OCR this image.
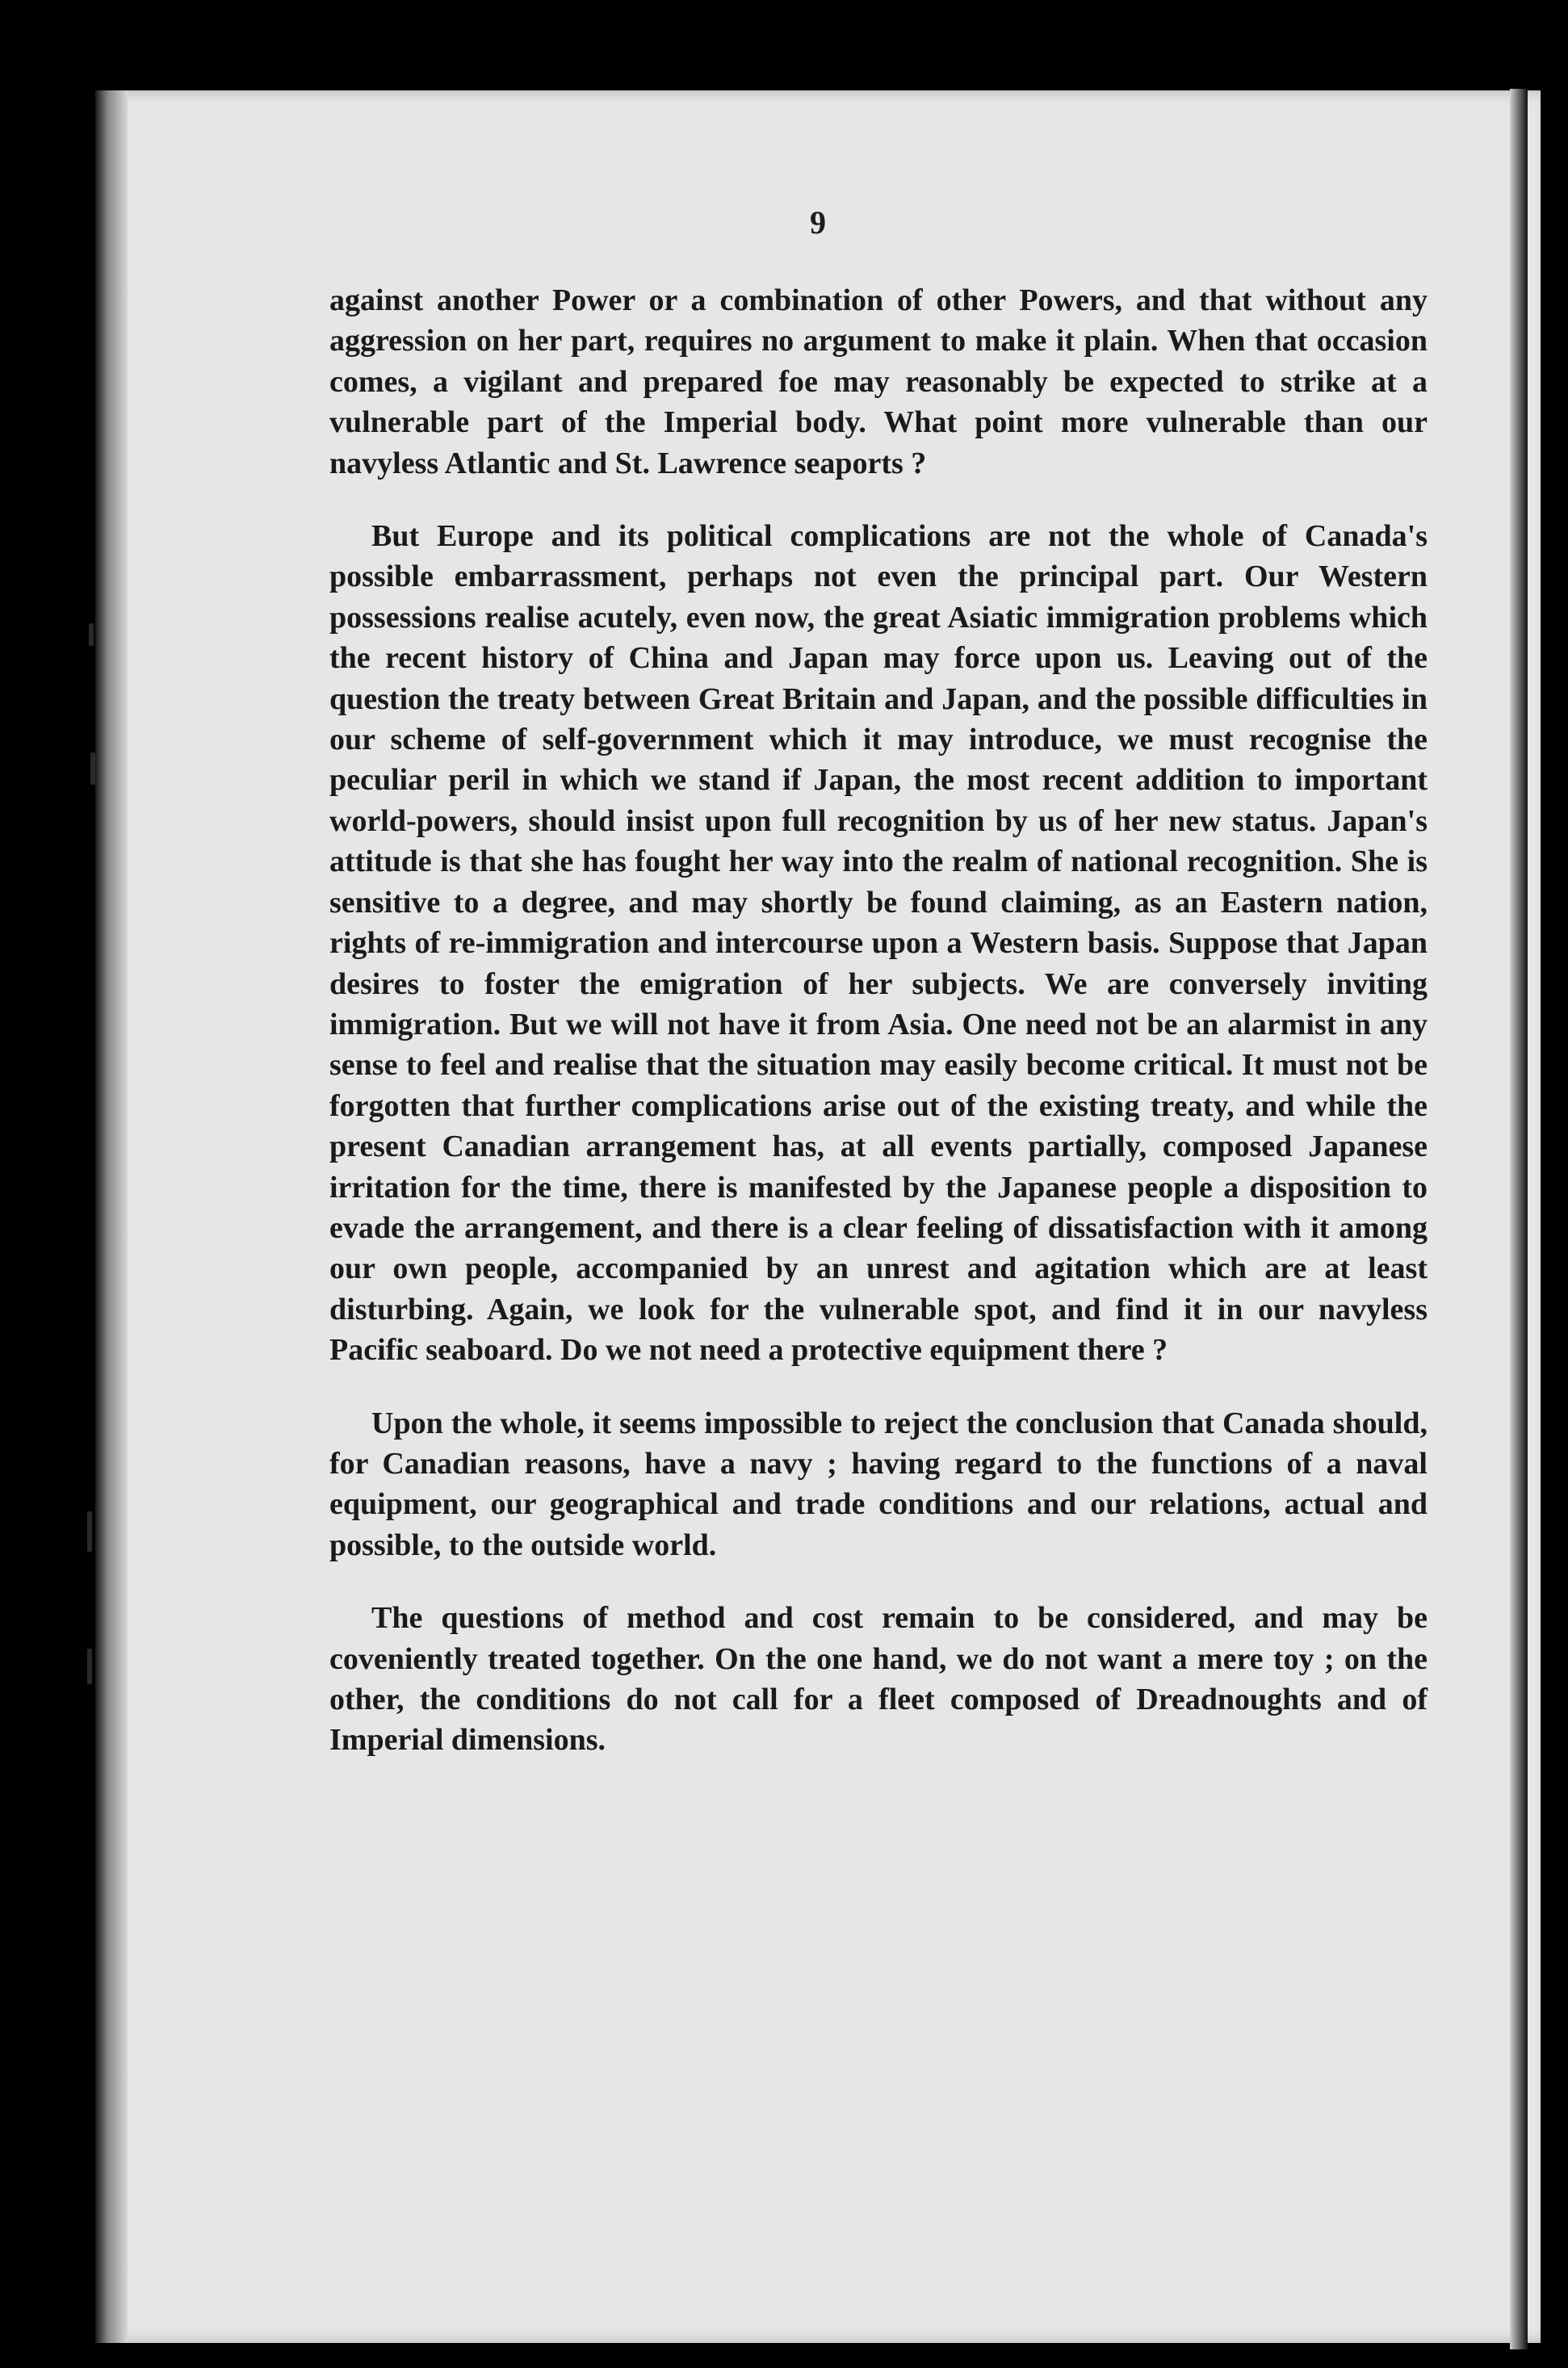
9

against another Power or a combination of other Powers, and that without any aggression on her part, requires no argument to make it plain. When that occasion comes, a vigilant and prepared foe may reasonably be expected to strike at a vulnerable part of the Imperial body. What point more vulnerable than our navyless Atlantic and St. Lawrence seaports ?

But Europe and its political complications are not the whole of Canada's possible embarrassment, perhaps not even the principal part. Our Western possessions realise acutely, even now, the great Asiatic immigration problems which the recent history of China and Japan may force upon us. Leaving out of the question the treaty between Great Britain and Japan, and the possible difficulties in our scheme of self-government which it may introduce, we must recognise the peculiar peril in which we stand if Japan, the most recent addition to important world-powers, should insist upon full recognition by us of her new status. Japan's attitude is that she has fought her way into the realm of national recognition. She is sensitive to a degree, and may shortly be found claiming, as an Eastern nation, rights of re-immigration and intercourse upon a Western basis. Suppose that Japan desires to foster the emigration of her subjects. We are conversely inviting immigration. But we will not have it from Asia. One need not be an alarmist in any sense to feel and realise that the situation may easily become critical. It must not be forgotten that further complications arise out of the existing treaty, and while the present Canadian arrangement has, at all events partially, composed Japanese irritation for the time, there is manifested by the Japanese people a disposition to evade the arrangement, and there is a clear feeling of dissatisfaction with it among our own people, accompanied by an unrest and agitation which are at least disturbing. Again, we look for the vulnerable spot, and find it in our navyless Pacific seaboard. Do we not need a protective equipment there ?

Upon the whole, it seems impossible to reject the conclusion that Canada should, for Canadian reasons, have a navy ; having regard to the functions of a naval equipment, our geographical and trade conditions and our relations, actual and possible, to the outside world.

The questions of method and cost remain to be considered, and may be coveniently treated together. On the one hand, we do not want a mere toy ; on the other, the conditions do not call for a fleet composed of Dreadnoughts and of Imperial dimensions.
